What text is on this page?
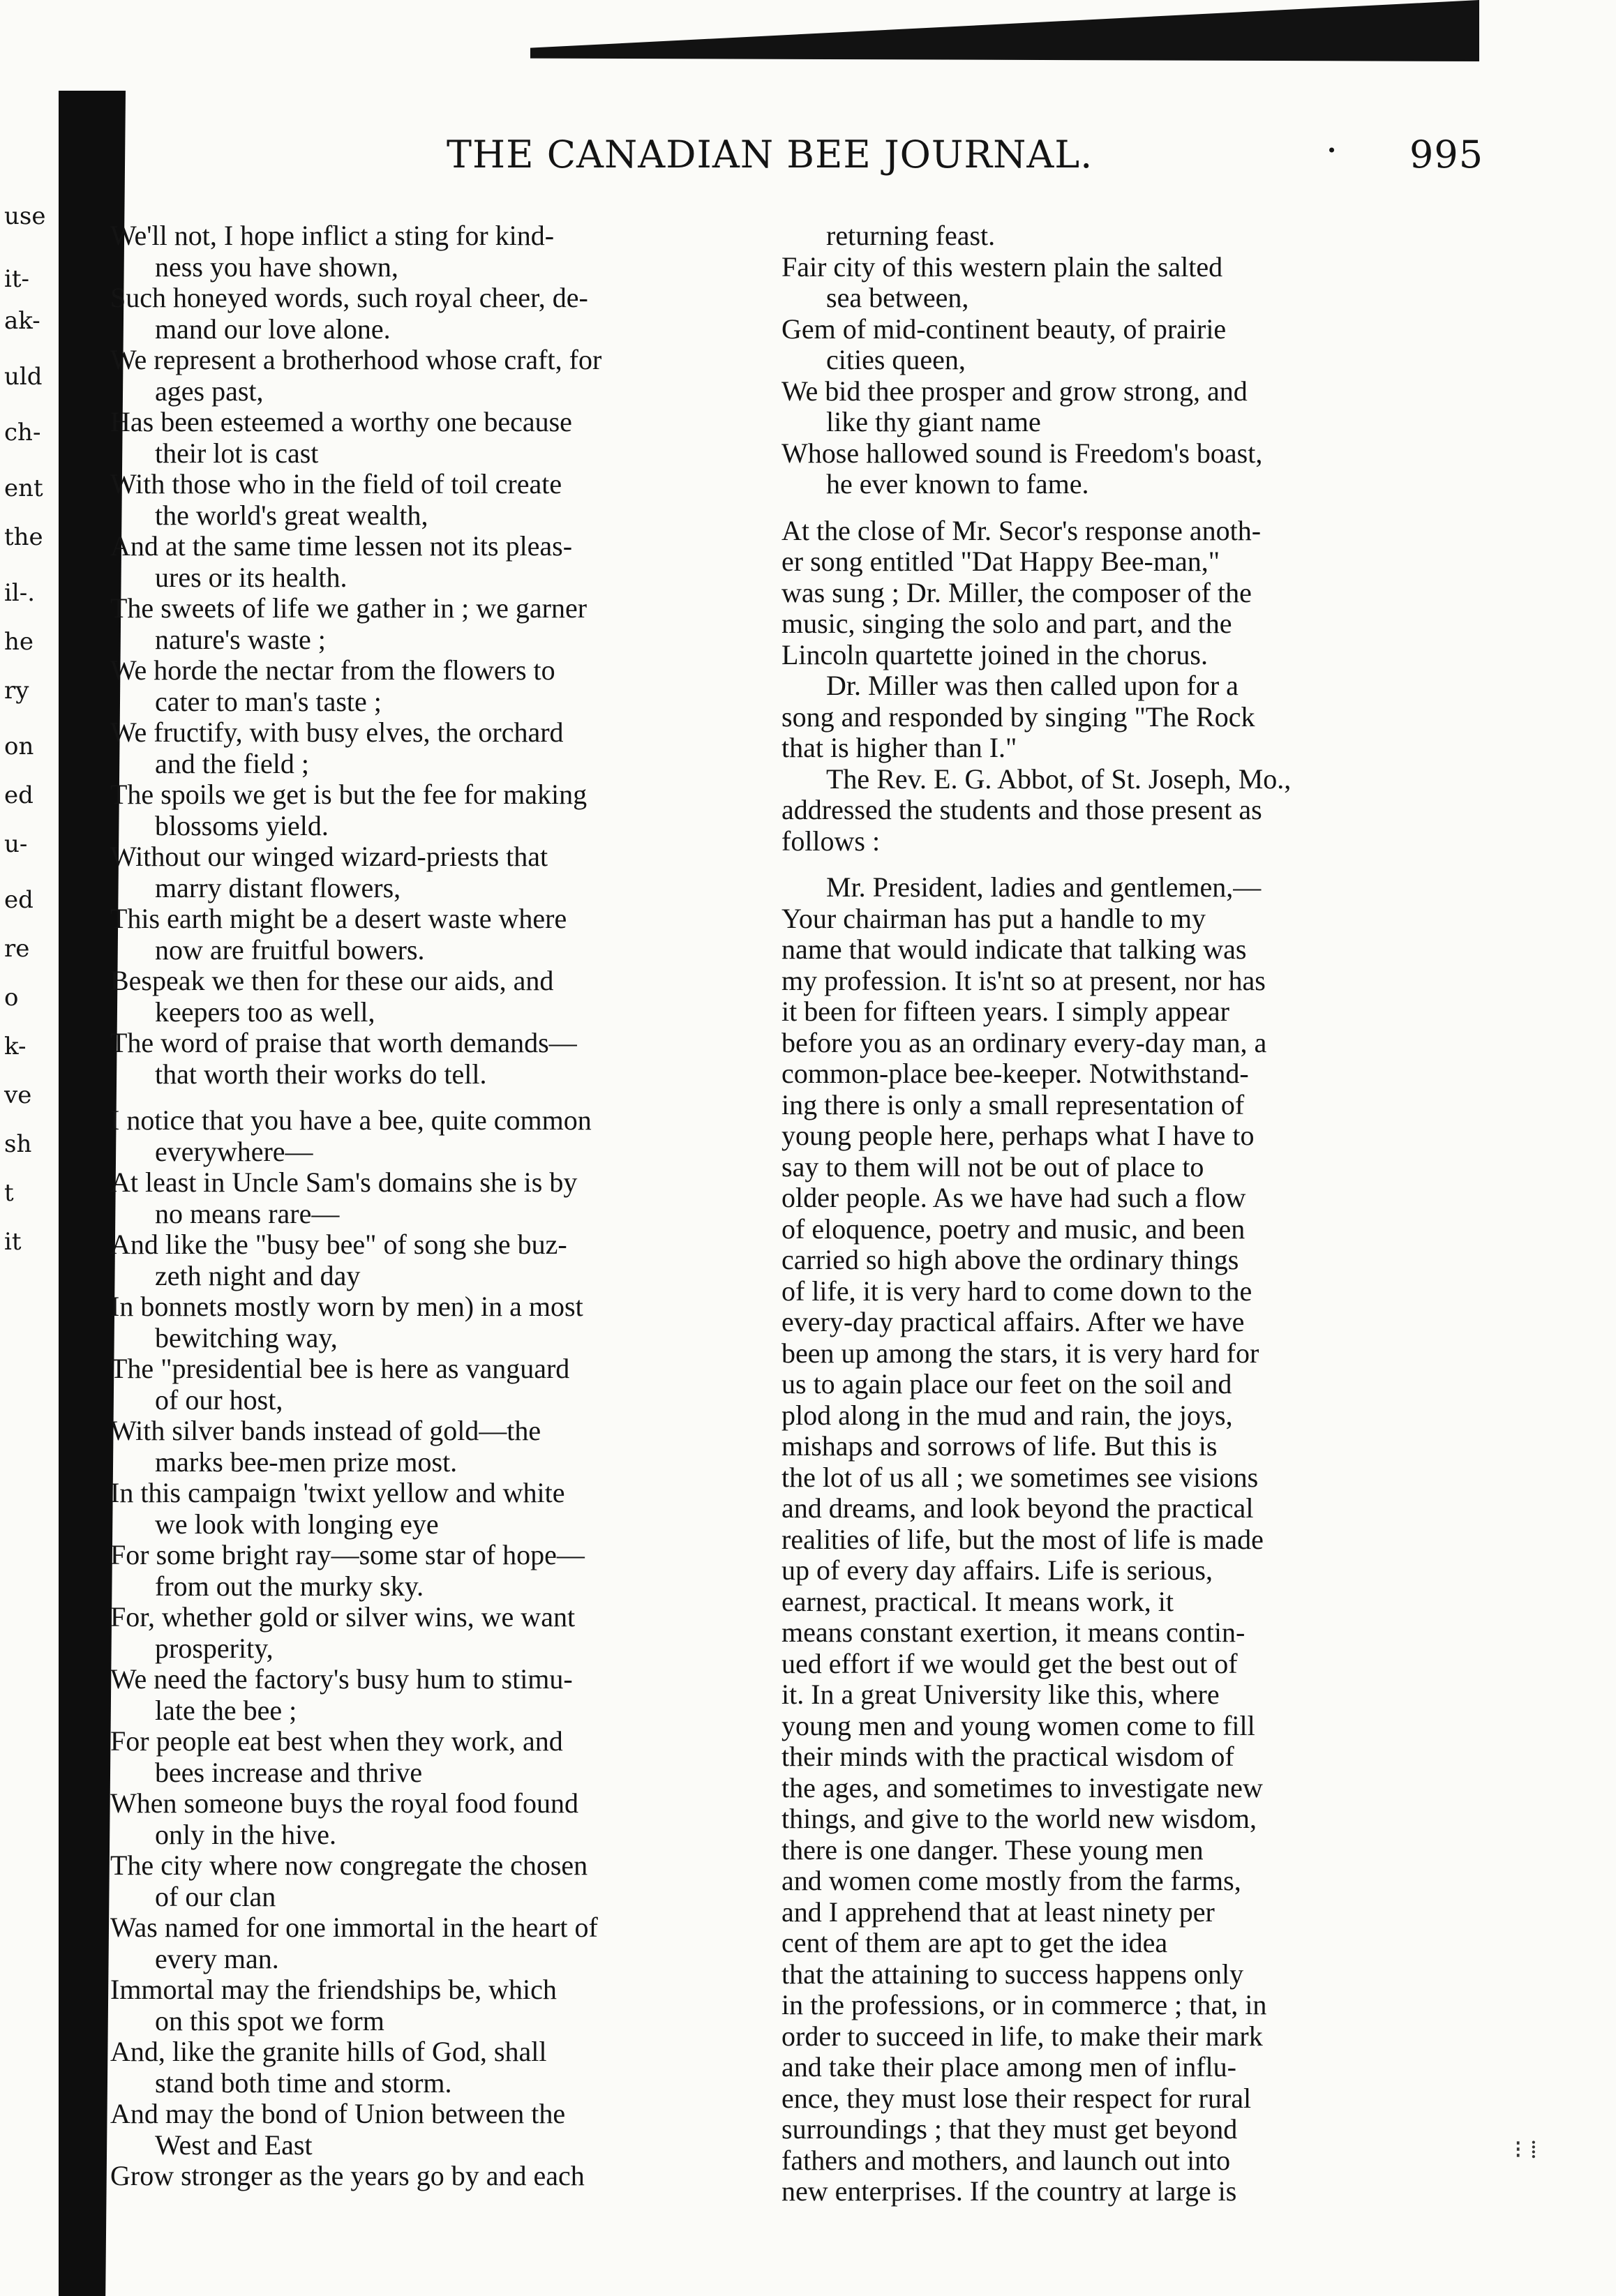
THE CANADIAN BEE JOURNAL.	· 995
use
it-
ak-
uld
ch-
ent
the
il-.
he
ry
on
ed
u-
ed
re
o
k-
ve
sh
t
it
We'll not, I hope inflict a sting for kind-
ness you have shown,
Such honeyed words, such royal cheer, de-
mand our love alone.
We represent a brotherhood whose craft, for
ages past,
Has been esteemed a worthy one because
their lot is cast
With those who in the field of toil create
the world's great wealth,
And at the same time lessen not its pleas-
ures or its health.
The sweets of life we gather in ; we garner
nature's waste ;
We horde the nectar from the flowers to
cater to man's taste ;
We fructify, with busy elves, the orchard
and the field ;
The spoils we get is but the fee for making
blossoms yield.
Without our winged wizard-priests that
marry distant flowers,
This earth might be a desert waste where
now are fruitful bowers.
Bespeak we then for these our aids, and
keepers too as well,
The word of praise that worth demands—
that worth their works do tell.
I notice that you have a bee, quite common
everywhere—
At least in Uncle Sam's domains she is by
no means rare—
And like the "busy bee" of song she buz-
zeth night and day
In bonnets mostly worn by men) in a most
bewitching way,
The "presidential bee is here as vanguard
of our host,
With silver bands instead of gold—the
marks bee-men prize most.
In this campaign 'twixt yellow and white
we look with longing eye
For some bright ray—some star of hope—
from out the murky sky.
For, whether gold or silver wins, we want
prosperity,
We need the factory's busy hum to stimu-
late the bee ;
For people eat best when they work, and
bees increase and thrive
When someone buys the royal food found
only in the hive.
The city where now congregate the chosen
of our clan
Was named for one immortal in the heart of
every man.
Immortal may the friendships be, which
on this spot we form
And, like the granite hills of God, shall
stand both time and storm.
And may the bond of Union between the
West and East
Grow stronger as the years go by and each
returning feast.
Fair city of this western plain the salted
sea between,
Gem of mid-continent beauty, of prairie
cities queen,
We bid thee prosper and grow strong, and
like thy giant name
Whose hallowed sound is Freedom's boast,
he ever known to fame.
At the close of Mr. Secor's response anoth-
er song entitled "Dat Happy Bee-man,"
was sung ; Dr. Miller, the composer of the
music, singing the solo and part, and the
Lincoln quartette joined in the chorus.
Dr. Miller was then called upon for a
song and responded by singing "The Rock
that is higher than I."
The Rev. E. G. Abbot, of St. Joseph, Mo.,
addressed the students and those present as
follows :
Mr. President, ladies and gentlemen,—
Your chairman has put a handle to my
name that would indicate that talking was
my profession. It is'nt so at present, nor has
it been for fifteen years. I simply appear
before you as an ordinary every-day man, a
common-place bee-keeper. Notwithstand-
ing there is only a small representation of
young people here, perhaps what I have to
say to them will not be out of place to
older people. As we have had such a flow
of eloquence, poetry and music, and been
carried so high above the ordinary things
of life, it is very hard to come down to the
every-day practical affairs. After we have
been up among the stars, it is very hard for
us to again place our feet on the soil and
plod along in the mud and rain, the joys,
mishaps and sorrows of life. But this is
the lot of us all ; we sometimes see visions
and dreams, and look beyond the practical
realities of life, but the most of life is made
up of every day affairs. Life is serious,
earnest, practical. It means work, it
means constant exertion, it means contin-
ued effort if we would get the best out of
it. In a great University like this, where
young men and young women come to fill
their minds with the practical wisdom of
the ages, and sometimes to investigate new
things, and give to the world new wisdom,
there is one danger. These young men
and women come mostly from the farms,
and I apprehend that at least ninety per
cent of them are apt to get the idea
that the attaining to success happens only
in the professions, or in commerce ; that, in
order to succeed in life, to make their mark
and take their place among men of influ-
ence, they must lose their respect for rural
surroundings ; that they must get beyond
fathers and mothers, and launch out into
new enterprises. If the country at large is
⁝ ⁞
